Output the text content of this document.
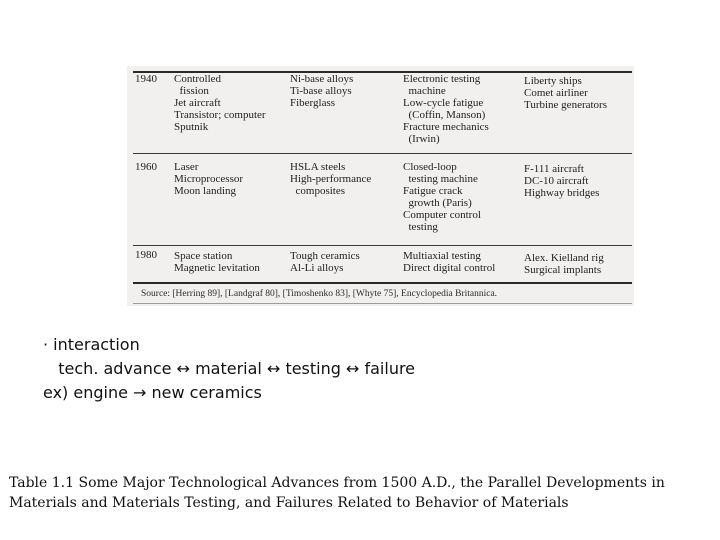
1940 Controlled
fission
Jet aircraft
Transistor; computer
Sputnik
Ni-base alloys
Ti-base alloys
Fiberglass
Electronic testing
machine
Low-cycle fatigue
(Coffin, Manson)
Fracture mechanics
(Irwin)
Liberty ships
Comet airliner
Turbine generators
1960 Laser
Microprocessor
Moon landing
HSLA steels
High-performance
composites
Closed-loop
testing machine
Fatigue crack
growth (Paris)
Computer control
testing
F-111 aircraft
DC-10 aircraft
Highway bridges
1980 Space station
Magnetic levitation
Tough ceramics
Al-Li alloys
Multiaxial testing
Direct digital control
Alex. Kielland rig
Surgical implants
Source: [Herring 89], [Landgraf 80], [Timoshenko 83], [Whyte 75], Encyclopedia Britannica.
· interaction
tech. advance ↔ material ↔ testing ↔ failure
ex) engine → new ceramics
Table 1.1 Some Major Technological Advances from 1500 A.D., the Parallel Developments in Materials and Materials Testing, and Failures Related to Behavior of Materials
